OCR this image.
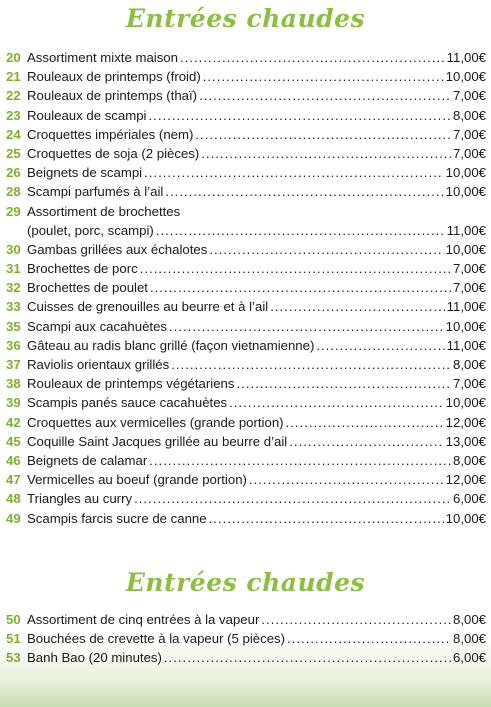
Entrées chaudes
20 Assortiment mixte maison .....	11,00€
21 Rouleaux de printemps (froid) .....	10,00€
22 Rouleaux de printemps (thaï) .....	7,00€
23 Rouleaux de scampi .....	8,00€
24 Croquettes impériales (nem) .....	7,00€
25 Croquettes de soja (2 pièces) .....	7,00€
26 Beignets de scampi .....	10,00€
28 Scampi parfumés à l’ail .....	10,00€
29 Assortiment de brochettes
(poulet, porc, scampi) .....	11,00€
30 Gambas grillées aux échalotes .....	10,00€
31 Brochettes de porc .....	7,00€
32 Brochettes de poulet .....	7,00€
33 Cuisses de grenouilles au beurre et à l’ail .....	11,00€
35 Scampi aux cacahuètes .....	10,00€
36 Gâteau au radis blanc grillé (façon vietnamienne) .....	11,00€
37 Raviolis orientaux grillés .....	8,00€
38 Rouleaux de printemps végétariens .....	7,00€
39 Scampis panés sauce cacahuètes .....	10,00€
42 Croquettes aux vermicelles (grande portion) .....	12,00€
45 Coquille Saint Jacques grillée au beurre d’ail .....	13,00€
46 Beignets de calamar .....	8,00€
47 Vermicelles au boeuf (grande portion) .....	12,00€
48 Triangles au curry .....	6,00€
49 Scampis farcis sucre de canne .....	10,00€
Entrées chaudes
50 Assortiment de cinq entrées à la vapeur .....	8,00€
51 Bouchées de crevette à la vapeur (5 pièces) .....	8,00€
53 Banh Bao (20 minutes) .....	6,00€
